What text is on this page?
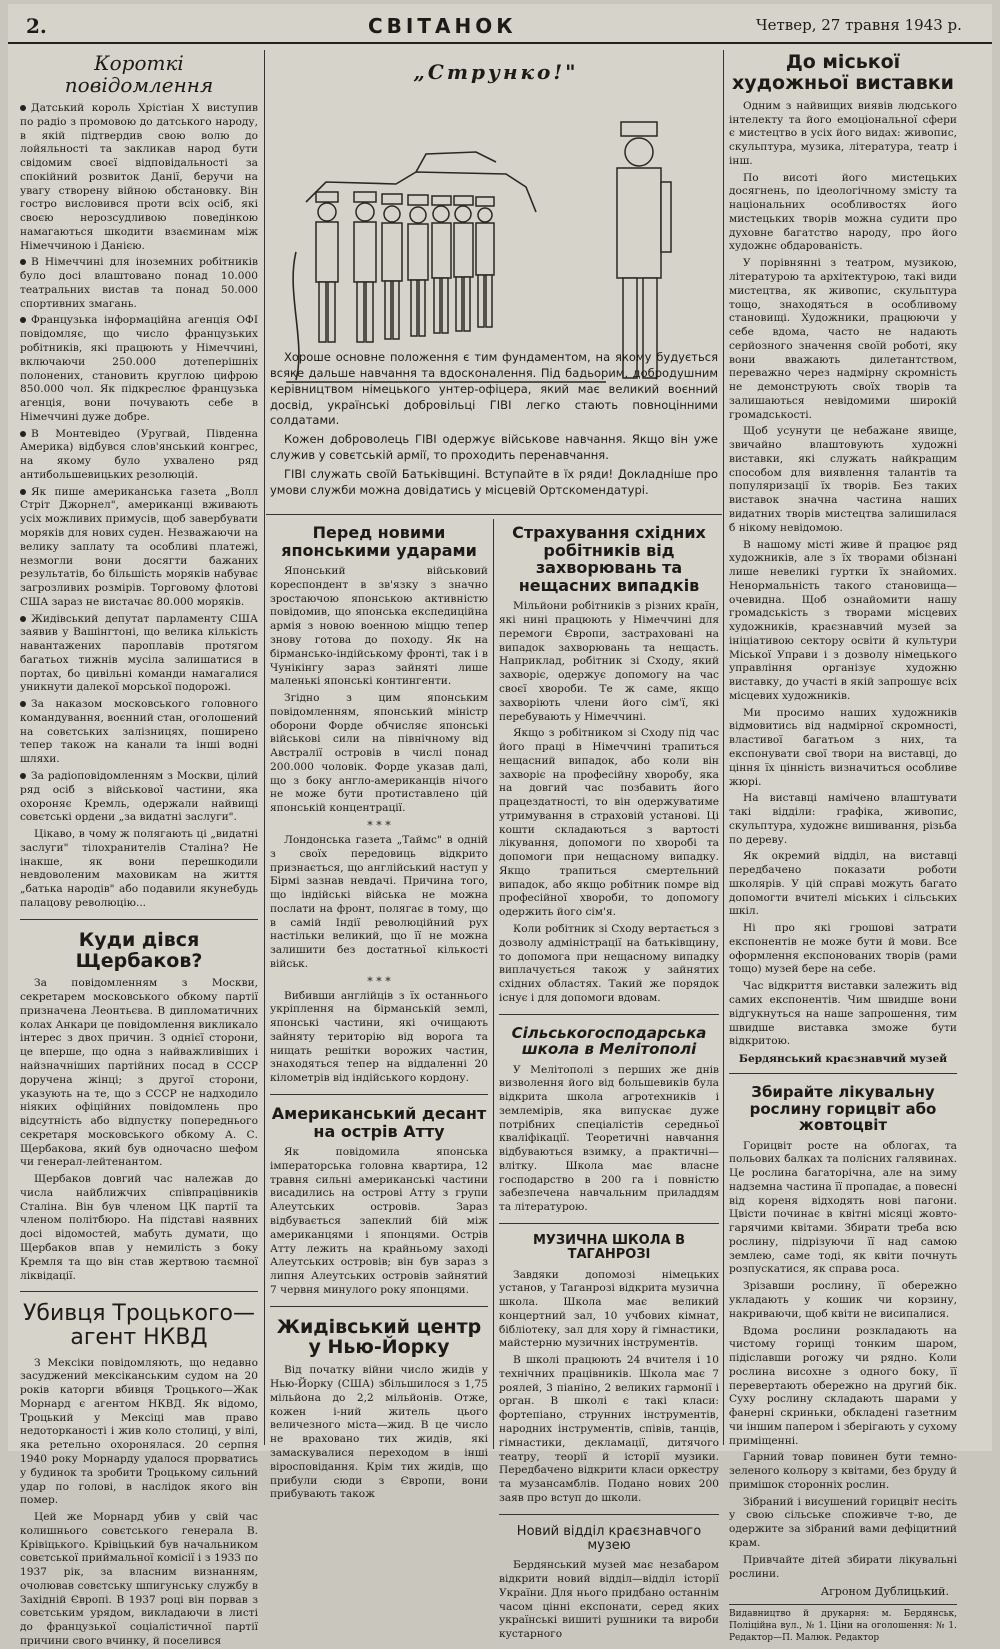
2.	СВІТАНОК	Четвер, 27 травня 1943 р.
Короткі повідомлення

Датський король Хрістіан X виступив по радіо з промовою до датського народу, в якій підтвердив свою волю до лойяльності та закликав народ бути свідомим своєї відповідальності за спокійний розвиток Данії, беручи на увагу створену війною обстановку. Він гостро висловився проти всіх осіб, які своєю нерозсудливою поведінкою намагаються шкодити взаєминам між Німеччиною і Данією.

В Німеччині для іноземних робітників було досі влаштовано понад 10.000 театральних вистав та понад 50.000 спортивних змагань.

Французька інформаційна агенція ОФІ повідомляє, що число французьких робітників, які працюють у Німеччині, включаючи 250.000 дотеперішніх полонених, становить круглою цифрою 850.000 чол. Як підкреслює французька агенція, вони почувають себе в Німеччині дуже добре.

В Монтевідео (Уругвай, Південна Америка) відбувся слов'янський конгрес, на якому було ухвалено ряд антибольшевицьких резолюцій.

Як пише американська газета „Волл Стріт Джорнел", американці вживають усіх можливих примусів, щоб завербувати моряків для нових суден. Незважаючи на велику заплату та особливі платежі, незмогли вони досягти бажаних результатів, бо більшість моряків набуває загрозливих розмірів. Торговому флотові США зараз не вистачає 80.000 моряків.

Жидівський депутат парламенту США заявив у Вашінгтоні, що велика кількість навантажених пароплавів протягом багатьох тижнів мусіла залишатися в портах, бо цивільні команди намагалися уникнути далекої морської подорожі.

За наказом московського головного командування, воєнний стан, оголошений на совєтських залізницях, поширено тепер також на канали та інші водні шляхи.

За радіоповідомленням з Москви, цілий ряд осіб з військової частини, яка охороняє Кремль, одержали найвищі совєтські ордени „за видатні заслуги".

Цікаво, в чому ж полягають ці „видатні заслуги" тілохранителів Сталіна? Не інакше, як вони перешкодили невдоволеним маховикам на життя „батька народів" або подавили якунебудь палацову революцію...

Куди дівся Щербаков?

За повідомленням з Москви, секретарем московського обкому партії призначена Леонтьєва. В дипломатичних колах Анкари це повідомлення викликало інтерес з двох причин. З однієї сторони, це вперше, що одна з найважливіших і найзначніших партійних посад в СССР доручена жінці; з другої сторони, указують на те, що з СССР не надходило ніяких офіційних повідомлень про відсутність або відпустку попереднього секретаря московського обкому А. С. Щербакова, який був одночасно шефом чи генерал-лейтенантом.

Щербаков довгий час належав до числа найближчих співпрацівників Сталіна. Він був членом ЦК партії та членом політбюро. На підставі наявних досі відомостей, мабуть думати, що Щербаков впав у немилість з боку Кремля та що він став жертвою таємної ліквідації.

Убивця Троцького— агент НКВД

З Мексіки повідомляють, що недавно засуджений мексіканським судом на 20 років каторги вбивця Троцького—Жак Морнард є агентом НКВД. Як відомо, Троцький у Мексіці мав право недоторканості і жив коло столиці, у вілі, яка ретельно охоронялася. 20 серпня 1940 року Морнарду удалося прорватись у будинок та зробити Троцькому сильний удар по голові, в наслідок якого він помер.

Цей же Морнард убив у свій час колишнього совєтського генерала В. Крівіцького. Крівіцький був начальником совєтської приймальної комісії і з 1933 по 1937 рік, за власним визнанням, очолював совєтську шпигунську службу в Західній Європі. В 1937 році він порвав з совєтським урядом, викладаючи в листі до французької соціалістичної партії причини свого вчинку, й поселився

„Струнко!"

Хороше основне положення є тим фундаментом, на якому будується всяке дальше навчання та вдосконалення. Під бадьорим, добродушним керівництвом німецького унтер-офіцера, який має великий воєнний досвід, українські добровільці ГІВІ легко стають повноцінними солдатами.

Кожен доброволець ГІВІ одержує військове навчання. Якщо він уже служив у совєтській армії, то проходить перенавчання.

ГІВІ служать своїй Батьківщині. Вступайте в їх ряди! Докладніше про умови служби можна довідатись у місцевій Ортскомендатурі.

Перед новими японськими ударами

Японський військовий кореспондент в зв'язку з значно зростаючою японською активністю повідомив, що японська експедиційна армія з новою военною міццю тепер знову готова до походу. Як на бірмансько-індійському фронті, так і в Чунікінгу зараз зайняті лише маленькі японські контингенти.

Згідно з цим японським повідомленням, японський міністр оборони Форде обчисляє японські військові сили на північному від Австралії островів в числі понад 200.000 чоловік. Форде указав далі, що з боку англо-американців нічого не може бути протиставлено цій японській концентрації.

* * *

Лондонська газета „Таймс" в одній з своїх передовиць відкрито признається, що англійський наступ у Бірмі зазнав невдачі. Причина того, що індійські війська не можна послати на фронт, полягає в тому, що в самій Індії революційний рух настільки великий, що її не можна залишити без достатньої кількості військ.

* * *

Вибивши англійців з їх останнього укріплення на бірманській землі, японські частини, які очищають зайняту територію від ворога та нищать решітки ворожих частин, знаходяться тепер на віддаленні 20 кілометрів від індійського кордону.

Американський десант на острів Атту

Як повідомила японська імператорська головна квартира, 12 травня сильні американські частини висадились на острові Атту з групи Алеутських островів. Зараз відбувається запеклий бій між американцями і японцями. Острів Атту лежить на крайньому заході Алеутських островів; він був зараз з липня Алеутських островів зайнятий 7 червня минулого року японцями.

Жидівський центр у Нью-Йорку

Від початку війни число жидів у Нью-Йорку (США) збільшилося з 1,75 мільйона до 2,2 мільйонів. Отже, кожен і-ний житель цього величезного міста—жид. В це число не враховано тих жидів, які замаскувалися переходом в інші віросповідання. Крім тих жидів, що прибули сюди з Європи, вони прибувають також

Страхування східних робітників від захворювань та нещасних випадків

Мільйони робітників з різних країн, які нині працюють у Німеччині для перемоги Європи, застраховані на випадок захворювань та нещасть. Наприклад, робітник зі Сходу, який захворіє, одержує допомогу на час своєї хвороби. Те ж саме, якщо захворіють члени його сім'ї, які перебувають у Німеччині.

Якщо з робітником зі Сходу під час його праці в Німеччині трапиться нещасний випадок, або коли він захворіє на професійну хворобу, яка на довгий час позбавить його працездатності, то він одержуватиме утримування в страховій установі. Ці кошти складаються з вартості лікування, допомоги по хворобі та допомоги при нещасному випадку. Якщо трапиться смертельний випадок, або якщо робітник помре від професійної хвороби, то допомогу одержить його сім'я.

Коли робітник зі Сходу вертається з дозволу адміністрації на батьківщину, то допомога при нещасному випадку виплачується також у зайнятих східних областях. Такий же порядок існує і для допомоги вдовам.

Сільськогосподарська школа в Мелітополі

У Мелітополі з перших же днів визволення його від большевиків була відкрита школа агротехників і землемірів, яка випускає дуже потрібних спеціалістів середньої кваліфікації. Теоретичні навчання відбуваються взимку, а практичні—влітку. Школа має власне господарство в 200 га і повністю забезпечена навчальним приладдям та літературою.

МУЗИЧНА ШКОЛА В ТАГАНРОЗІ

Завдяки допомозі німецьких установ, у Таганрозі відкрита музична школа. Школа має великий концертний зал, 10 учбових кімнат, бібліотеку, зал для хору й гімнастики, майстерню музичних інструментів.

В школі працюють 24 вчителя і 10 технічних працівників. Школа має 7 роялей, 3 піаніно, 2 великих гармонії і орган. В школі є такі класи: фортепіано, струнних інструментів, народних інструментів, співів, танців, гімнастики, декламації, дитячого театру, теорії й історії музики. Передбачено відкрити класи оркестру та музансамблів. Подано нових 200 заяв про вступ до школи.

Новий відділ краєзнавчого музею

Бердянський музей має незабаром відкрити новий відділ—відділ історії України. Для нього придбано останнім часом цінні експонати, серед яких українські вишиті рушники та вироби кустарного

До міської художньої виставки

Одним з найвищих виявів людського інтелекту та його емоціональної сфери є мистецтво в усіх його видах: живопис, скульптура, музика, література, театр і інш.

По висоті його мистецьких досягнень, по ідеологічному змісту та національних особливостях його мистецьких творів можна судити про духовне багатство народу, про його художнє обдарованість.

У порівнянні з театром, музикою, літературою та архітектурою, такі види мистецтва, як живопис, скульптура тощо, знаходяться в особливому становищі. Художники, працюючи у себе вдома, часто не надають серйозного значення своїй роботі, яку вони вважають дилетантством, переважно через надмірну скромність не демонструють своїх творів та залишаються невідомими широкій громадськості.

Щоб усунути це небажане явище, звичайно влаштовують художні виставки, які служать найкращим способом для виявлення талантів та популяризації їх творів. Без таких виставок значна частина наших видатних творів мистецтва залишилася б нікому невідомою.

В нашому місті живе й працює ряд художників, але з їх творами обізнані лише невеликі гуртки їх знайомих. Ненормальність такого становища—очевидна. Щоб ознайомити нашу громадськість з творами місцевих художників, краєзнавчий музей за ініціативою сектору освіти й культури Міської Управи і з дозволу німецького управління організує художню виставку, до участі в якій запрошує всіх місцевих художників.

Ми просимо наших художників відмовитись від надмірної скромності, властивої багатьом з них, та експонувати свої твори на виставці, до ціння їх цінність визначиться особливе жюрі.

На виставці намічено влаштувати такі відділи: графіка, живопис, скульптура, художнє вишивання, різьба по дереву.

Як окремий відділ, на виставці передбачено показати роботи школярів. У цій справі можуть багато допомогти вчителі міських і сільських шкіл.

Ні про які грошові затрати експонентів не може бути й мови. Все оформлення експонованих творів (рами тощо) музей бере на себе.

Час відкриття виставки залежить від самих експонентів. Чим швидше вони відгукнуться на наше запрошення, тим швидше виставка зможе бути відкритою.

Бердянський краєзнавчий музей
Збирайте лікувальну рослину горицвіт або жовтоцвіт

Горицвіт росте на облогах, та польових балках та полісних галявинах. Це рослина багаторічна, але на зиму надземна частина її пропадає, а повесні від кореня відходять нові пагони. Цвісти починає в квітні місяці жовто-гарячими квітами. Збирати треба всю рослину, підрізуючи її над самою землею, саме тоді, як квіти почнуть розпускатися, як справа роса.

Зрізавши рослину, її обережно укладають у кошик чи корзину, накриваючи, щоб квіти не висипалися.

Вдома рослини розкладають на чистому горищі тонким шаром, підіславши рогожу чи рядно. Коли рослина висохне з одного боку, її перевертають обережно на другий бік. Суху рослину складають шарами у фанерні скриньки, обкладені газетним чи іншим папером і зберігають у сухому приміщенні.

Гарний товар повинен бути темно-зеленого кольору з квітами, без бруду й примішок сторонніх рослин.

Зібраний і висушений горицвіт несіть у свою сільське споживче т-во, де одержите за зібраний вами дефіцитний крам.

Привчайте дітей збирати лікувальні рослини.

Агроном Дублицький.

Видавництво й друкарня: м. Бердянськ, Поліційна вул., № 1. Ціни на оголошення: № 1. Редактор—П. Малюк. Редактор
